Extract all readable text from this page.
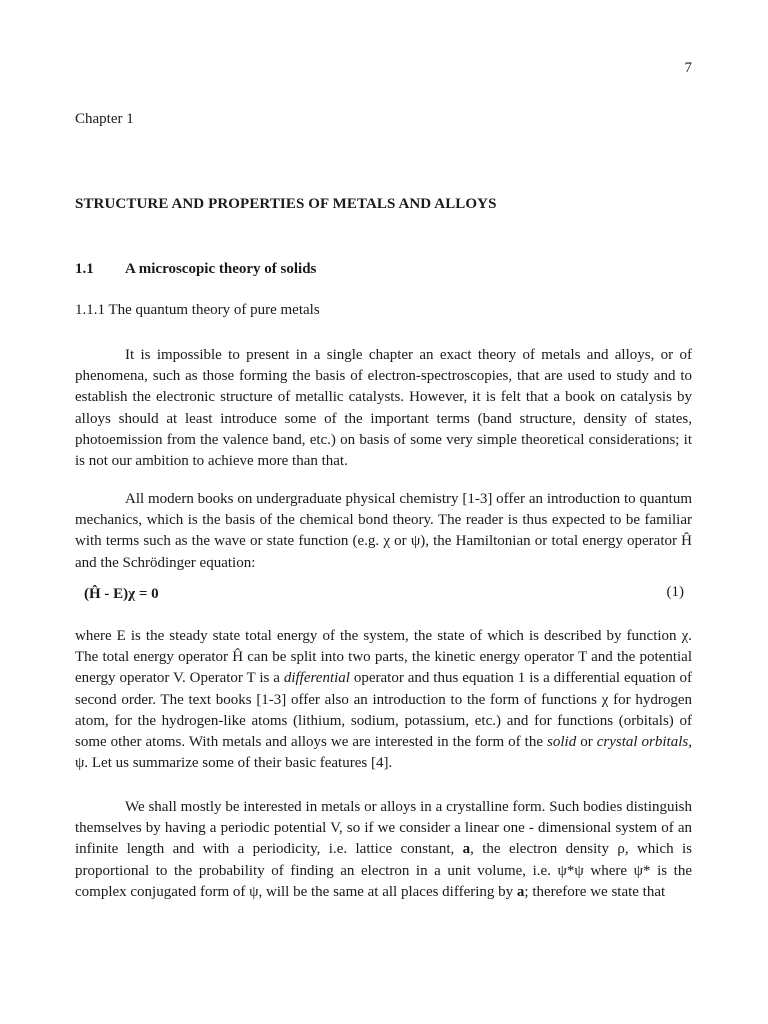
7
Chapter 1
STRUCTURE AND PROPERTIES OF METALS AND ALLOYS
1.1 A microscopic theory of solids
1.1.1 The quantum theory of pure metals

It is impossible to present in a single chapter an exact theory of metals and alloys, or of phenomena, such as those forming the basis of electron-spectroscopies, that are used to study and to establish the electronic structure of metallic catalysts. However, it is felt that a book on catalysis by alloys should at least introduce some of the important terms (band structure, density of states, photoemission from the valence band, etc.) on basis of some very simple theoretical considerations; it is not our ambition to achieve more than that.

All modern books on undergraduate physical chemistry [1-3] offer an introduction to quantum mechanics, which is the basis of the chemical bond theory. The reader is thus expected to be familiar with terms such as the wave or state function (e.g. χ or ψ), the Hamiltonian or total energy operator Ĥ and the Schrödinger equation:

(Ĥ - E)χ = 0	(1)

where E is the steady state total energy of the system, the state of which is described by function χ. The total energy operator Ĥ can be split into two parts, the kinetic energy operator T and the potential energy operator V. Operator T is a differential operator and thus equation 1 is a differential equation of second order. The text books [1-3] offer also an introduction to the form of functions χ for hydrogen atom, for the hydrogen-like atoms (lithium, sodium, potassium, etc.) and for functions (orbitals) of some other atoms. With metals and alloys we are interested in the form of the solid or crystal orbitals, ψ. Let us summarize some of their basic features [4].

We shall mostly be interested in metals or alloys in a crystalline form. Such bodies distinguish themselves by having a periodic potential V, so if we consider a linear one - dimensional system of an infinite length and with a periodicity, i.e. lattice constant, a, the electron density ρ, which is proportional to the probability of finding an electron in a unit volume, i.e. ψ*ψ where ψ* is the complex conjugated form of ψ, will be the same at all places differing by a; therefore we state that
